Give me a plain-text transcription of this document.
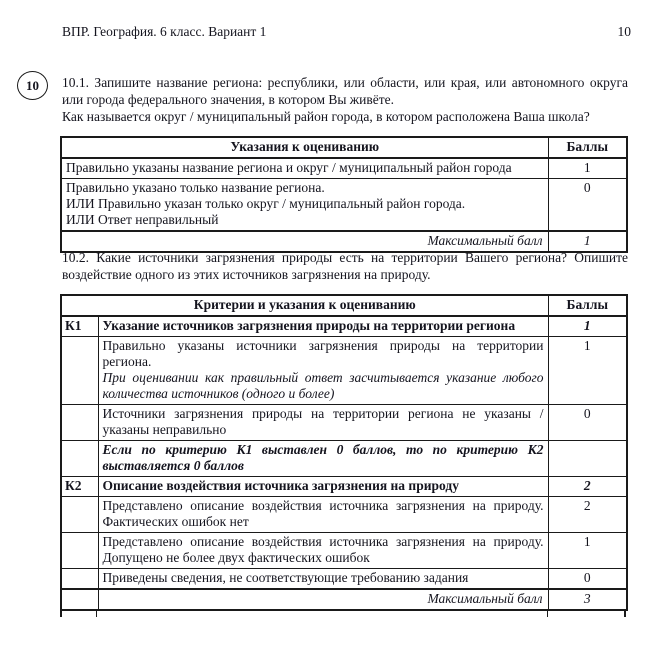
ВПР. География. 6 класс. Вариант 1	10
10 10.1. Запишите название региона: республики, или области, или края, или автономного округа или города федерального значения, в котором Вы живёте.

Как называется округ / муниципальный район города, в котором расположена Ваша школа?

Указания к оцениванию	Баллы
Правильно указаны название региона и округ / муниципальный район города	1

Правильно указано только название региона.
ИЛИ Правильно указан только округ / муниципальный район города.
ИЛИ Ответ неправильный	0
Максимальный балл	1

10.2. Какие источники загрязнения природы есть на территории Вашего региона? Опишите воздействие одного из этих источников загрязнения на природу.

Критерии и указания к оцениванию		Баллы
К1	Указание источников загрязнения природы на территории региона	1

	Правильно указаны источники загрязнения природы на территории региона.

При оценивании как правильный ответ засчитывается указание любого количества источников (одного и более)	1
	Источники загрязнения природы на территории региона не указаны / указаны неправильно	0
	Если по критерию К1 выставлен 0 баллов, то по критерию К2 выставляется 0 баллов	
К2	Описание воздействия источника загрязнения на природу	2
	Представлено описание воздействия источника загрязнения на природу. Фактических ошибок нет	2
	Представлено описание воздействия источника загрязнения на природу. Допущено не более двух фактических ошибок	1
	Приведены сведения, не соответствующие требованию задания	0
	Максимальный балл	3
